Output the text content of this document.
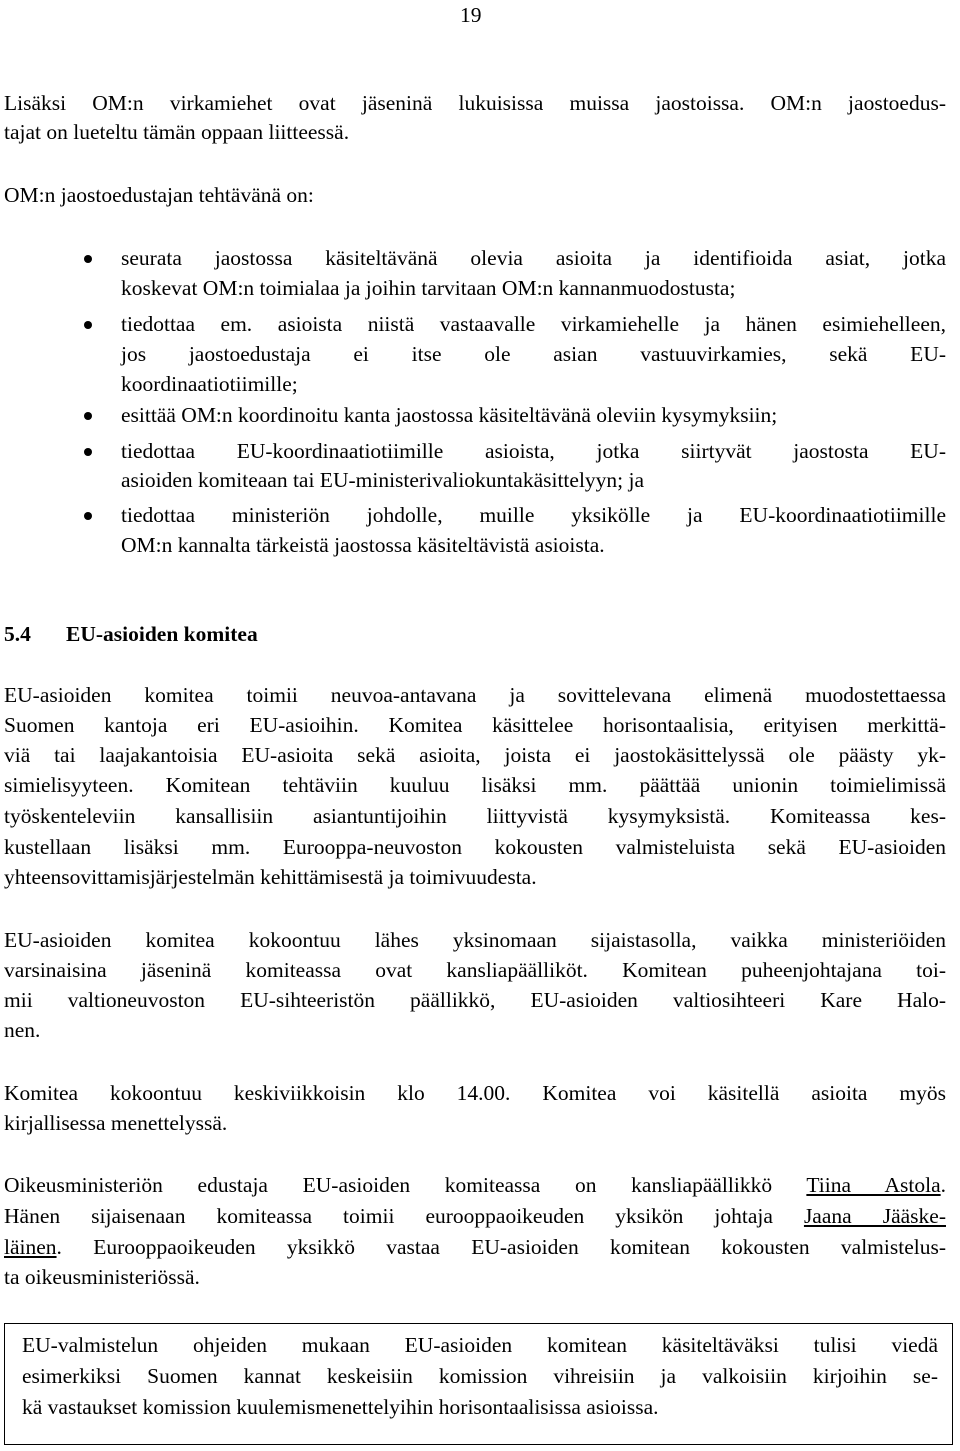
19
Lisäksi OM:n virkamiehet ovat jäseninä lukuisissa muissa jaostoissa. OM:n jaostoedus-
tajat on lueteltu tämän oppaan liitteessä.
OM:n jaostoedustajan tehtävänä on:
seurata jaostossa käsiteltävänä olevia asioita ja identifioida asiat, jotka
koskevat OM:n toimialaa ja joihin tarvitaan OM:n kannanmuodostusta;
tiedottaa em. asioista niistä vastaavalle virkamiehelle ja hänen esimiehelleen,
jos jaostoedustaja ei itse ole asian vastuuvirkamies, sekä EU-
koordinaatiotiimille;
esittää OM:n koordinoitu kanta jaostossa käsiteltävänä oleviin kysymyksiin;
tiedottaa EU-koordinaatiotiimille asioista, jotka siirtyvät jaostosta EU-
asioiden komiteaan tai EU-ministerivaliokuntakäsittelyyn; ja
tiedottaa ministeriön johdolle, muille yksikölle ja EU-koordinaatiotiimille
OM:n kannalta tärkeistä jaostossa käsiteltävistä asioista.
5.4	EU-asioiden komitea
EU-asioiden komitea toimii neuvoa-antavana ja sovittelevana elimenä muodostettaessa
Suomen kantoja eri EU-asioihin. Komitea käsittelee horisontaalisia, erityisen merkittä-
viä tai laajakantoisia EU-asioita sekä asioita, joista ei jaostokäsittelyssä ole päästy yk-
simielisyyteen. Komitean tehtäviin kuuluu lisäksi mm. päättää unionin toimielimissä
työskenteleviin kansallisiin asiantuntijoihin liittyvistä kysymyksistä. Komiteassa kes-
kustellaan lisäksi mm. Eurooppa-neuvoston kokousten valmisteluista sekä EU-asioiden
yhteensovittamisjärjestelmän kehittämisestä ja toimivuudesta.
EU-asioiden komitea kokoontuu lähes yksinomaan sijaistasolla, vaikka ministeriöiden
varsinaisina jäseninä komiteassa ovat kansliapäälliköt. Komitean puheenjohtajana toi-
mii valtioneuvoston EU-sihteeristön päällikkö, EU-asioiden valtiosihteeri Kare Halo-
nen.
Komitea kokoontuu keskiviikkoisin klo 14.00. Komitea voi käsitellä asioita myös
kirjallisessa menettelyssä.
Oikeusministeriön edustaja EU-asioiden komiteassa on kansliapäällikkö Tiina Astola.
Hänen sijaisenaan komiteassa toimii eurooppaoikeuden yksikön johtaja Jaana Jääske-
läinen. Eurooppaoikeuden yksikkö vastaa EU-asioiden komitean kokousten valmistelus-
ta oikeusministeriössä.
EU-valmistelun ohjeiden mukaan EU-asioiden komitean käsiteltäväksi tulisi viedä
esimerkiksi Suomen kannat keskeisiin komission vihreisiin ja valkoisiin kirjoihin se-
kä vastaukset komission kuulemismenettelyihin horisontaalisissa asioissa.
